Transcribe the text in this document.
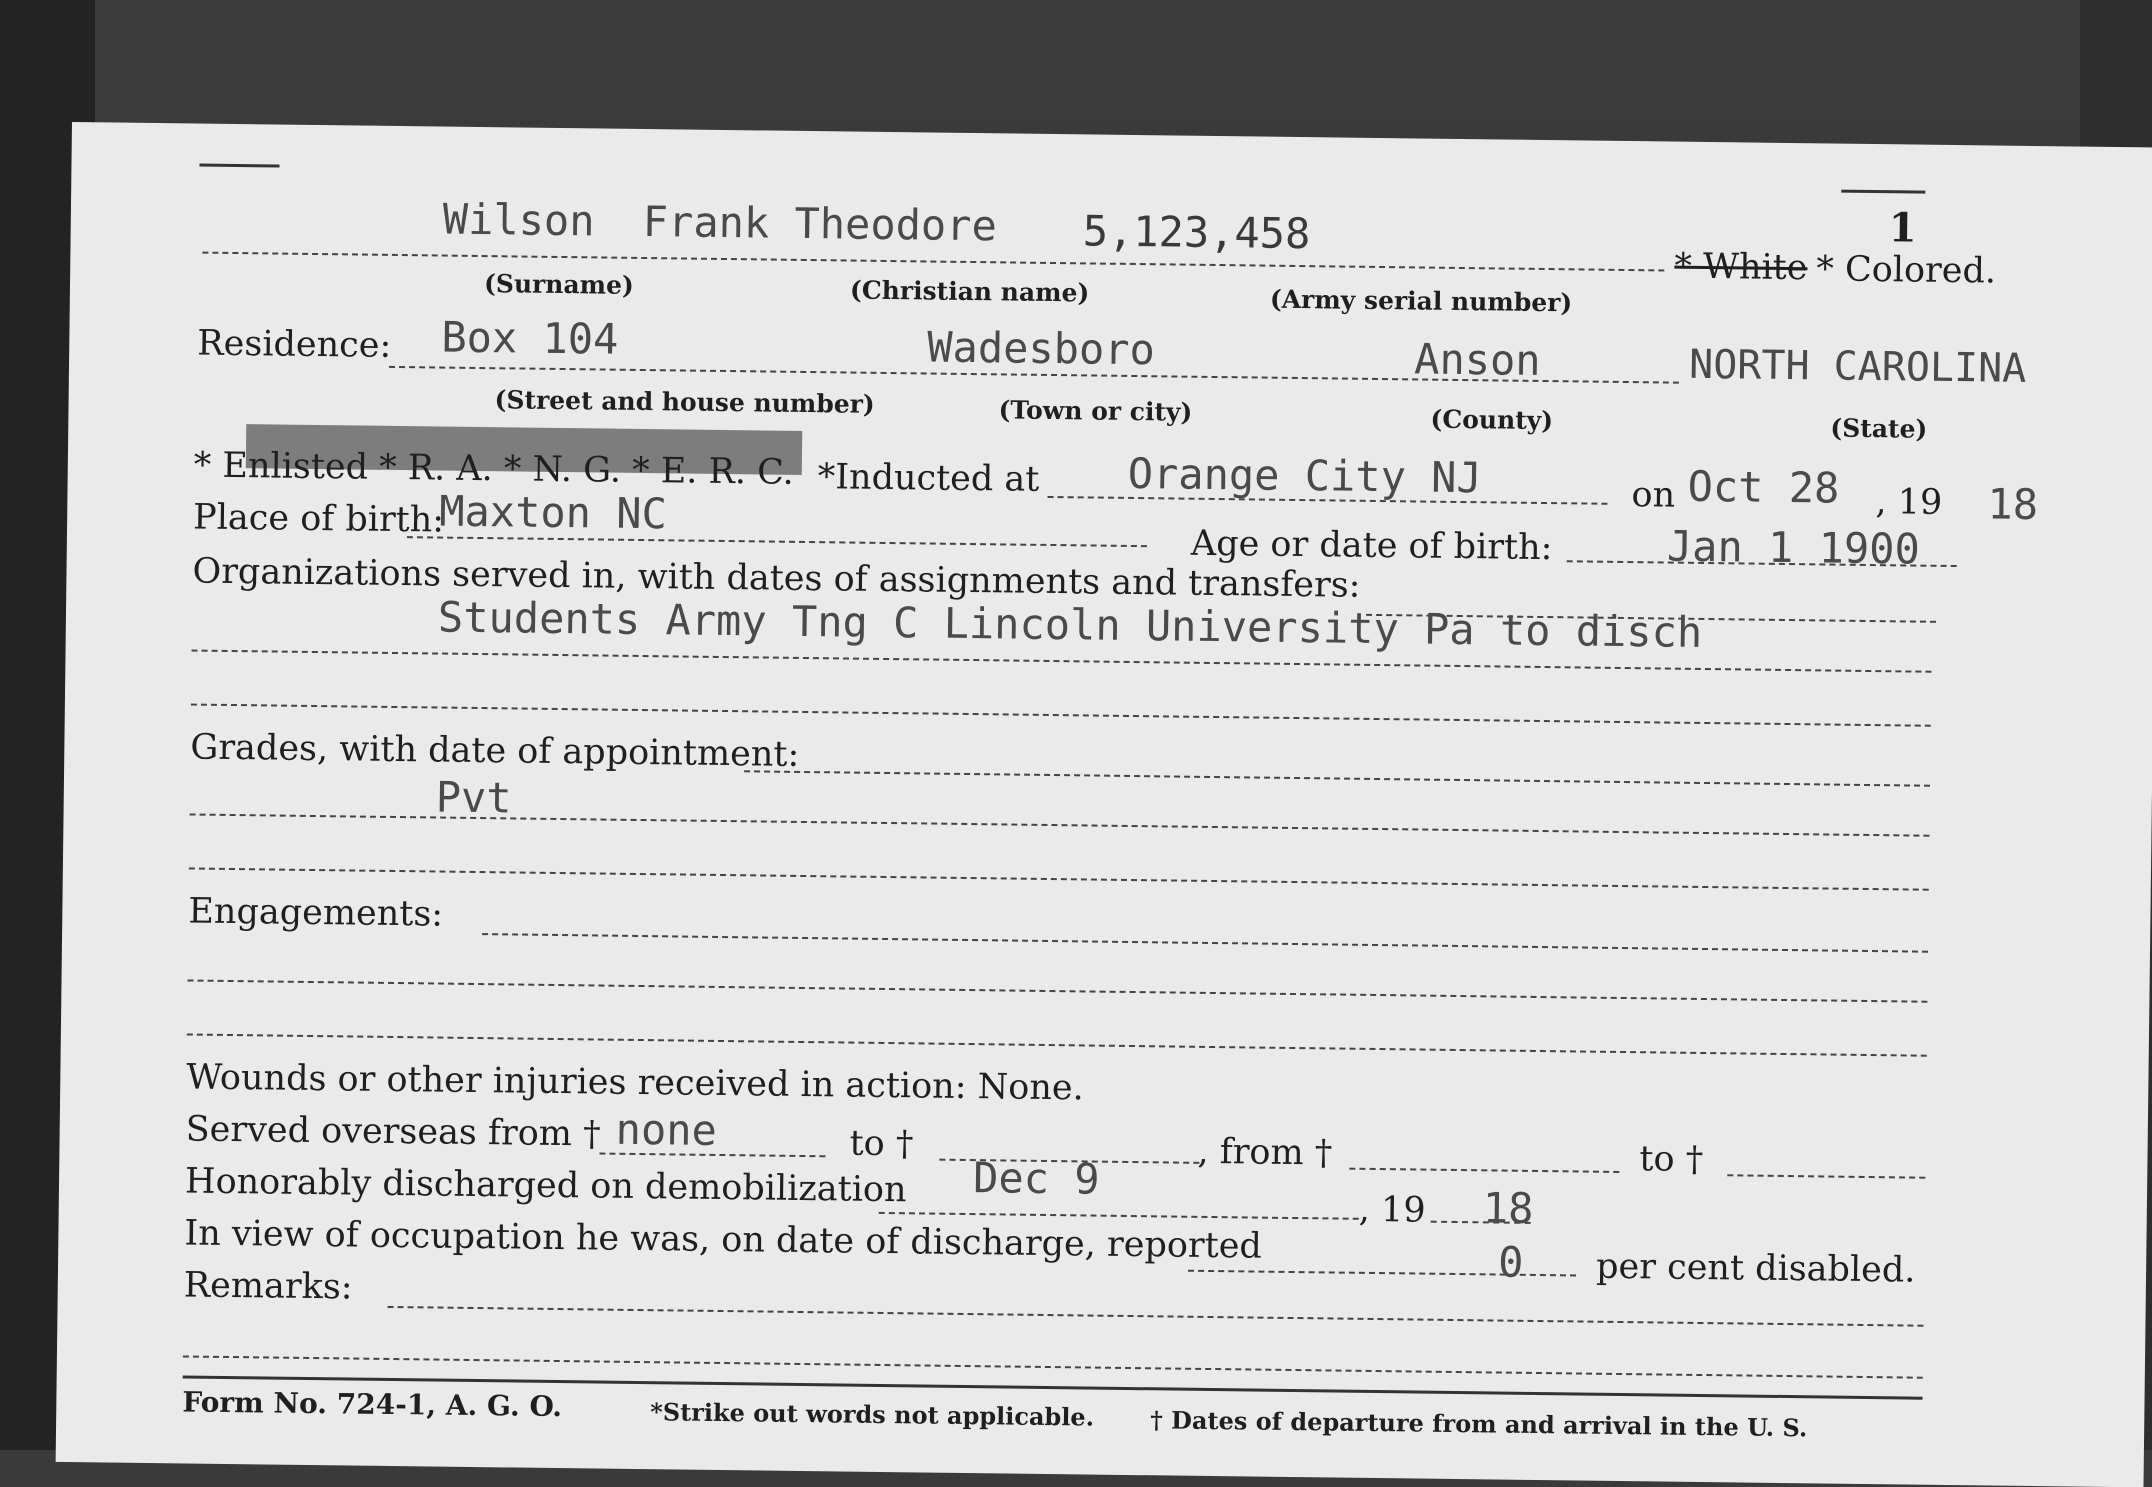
1
Wilson Frank Theodore 5,123,458
* White * Colored.
(Surname)	(Christian name)	(Army serial number)
Residence: Box 104	Wadesboro	Anson	NORTH CAROLINA
(Street and house number)	(Town or city)	(County)	(State)
* Enlisted * R. A. * N. G. * E. R. C. *Inducted at Orange City NJ	on Oct 28 , 19 18
Place of birth:
Maxton NC
Age or date of birth:	Jan 1 1900
Organizations served in, with dates of assignments and transfers:
Students Army Tng C Lincoln University Pa to disch
Grades, with date of appointment:
Pvt
Engagements:
Wounds or other injuries received in action: None.
Served overseas from † none	to †	, from †	to †
Honorably discharged on demobilization Dec 9
, 19 18
In view of occupation he was, on date of discharge, reported	0 per cent disabled.
Remarks:
Form No. 724-1, A. G. O.	*Strike out words not applicable. † Dates of departure from and arrival in the U. S.
